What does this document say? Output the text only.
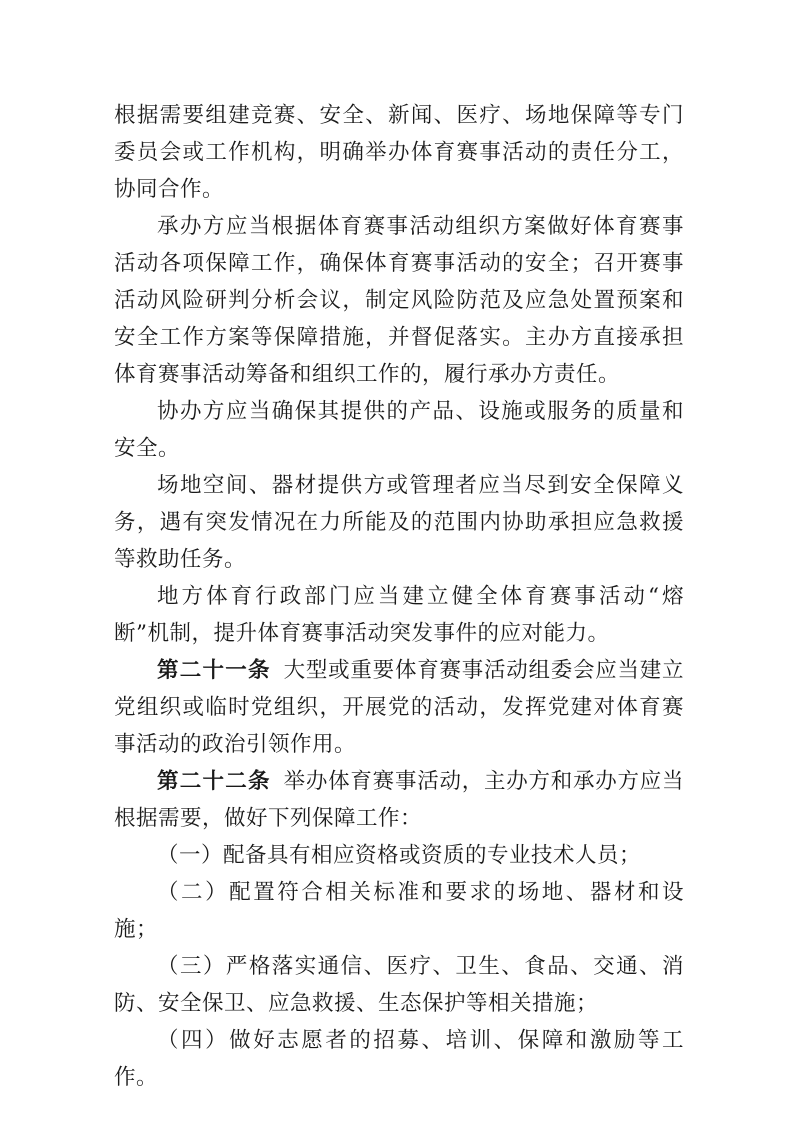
根据需要组建竞赛、安全、新闻、医疗、场地保障等专门委员会或工作机构，明确举办体育赛事活动的责任分工，协同合作。

承办方应当根据体育赛事活动组织方案做好体育赛事活动各项保障工作，确保体育赛事活动的安全；召开赛事活动风险研判分析会议，制定风险防范及应急处置预案和安全工作方案等保障措施，并督促落实。主办方直接承担体育赛事活动筹备和组织工作的，履行承办方责任。

协办方应当确保其提供的产品、设施或服务的质量和安全。

场地空间、器材提供方或管理者应当尽到安全保障义务，遇有突发情况在力所能及的范围内协助承担应急救援等救助任务。

地方体育行政部门应当建立健全体育赛事活动“熔断”机制，提升体育赛事活动突发事件的应对能力。

第二十一条 大型或重要体育赛事活动组委会应当建立党组织或临时党组织，开展党的活动，发挥党建对体育赛事活动的政治引领作用。

第二十二条 举办体育赛事活动，主办方和承办方应当根据需要，做好下列保障工作：

（一）配备具有相应资格或资质的专业技术人员；

（二）配置符合相关标准和要求的场地、器材和设施；

（三）严格落实通信、医疗、卫生、食品、交通、消防、安全保卫、应急救援、生态保护等相关措施；

（四）做好志愿者的招募、培训、保障和激励等工作。
